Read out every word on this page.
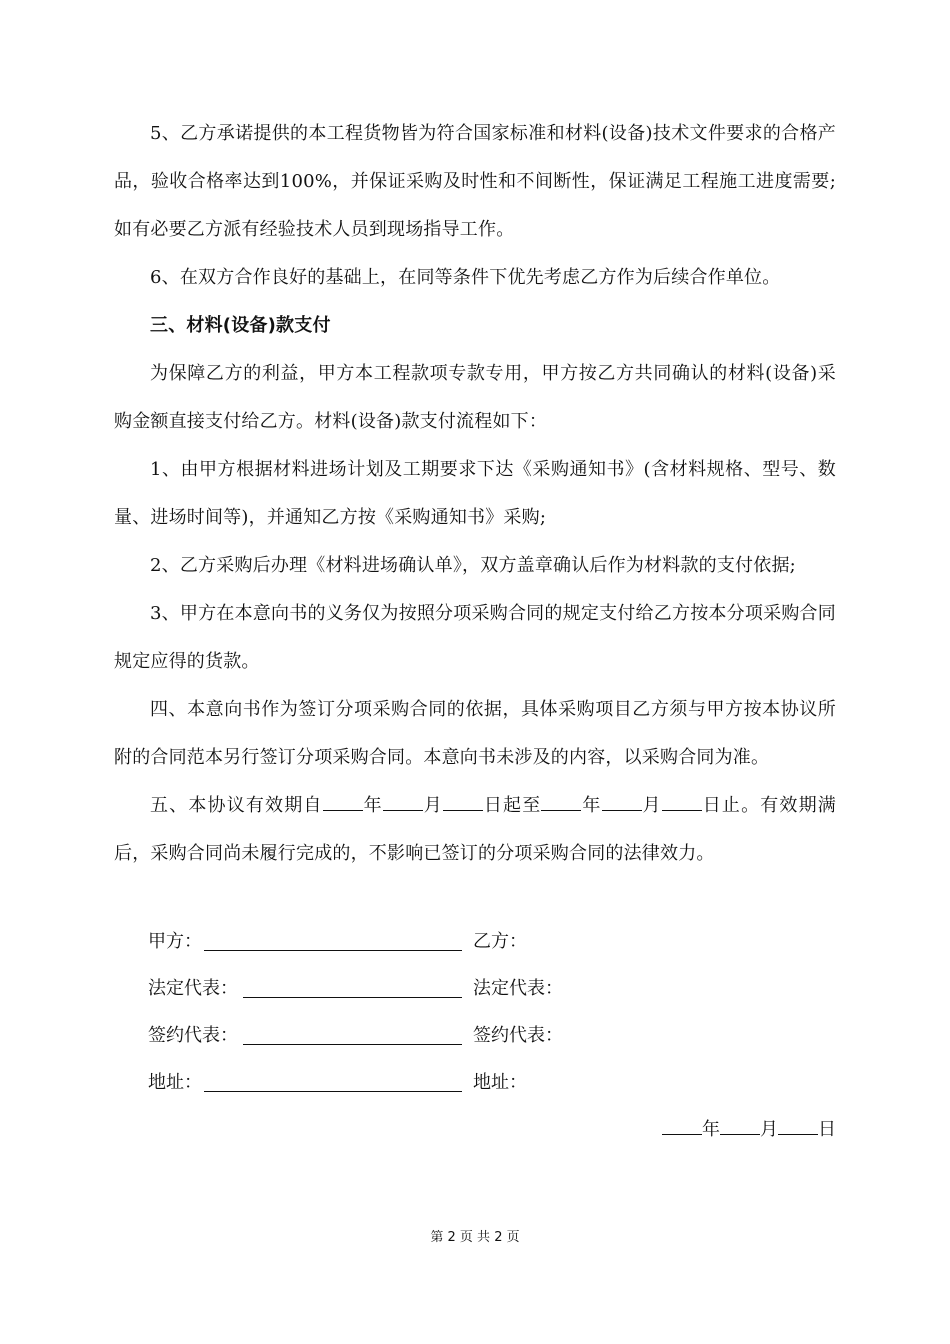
5、乙方承诺提供的本工程货物皆为符合国家标准和材料(设备)技术文件要求的合格产品，验收合格率达到100%，并保证采购及时性和不间断性，保证满足工程施工进度需要;如有必要乙方派有经验技术人员到现场指导工作。

6、在双方合作良好的基础上，在同等条件下优先考虑乙方作为后续合作单位。

三、材料(设备)款支付

为保障乙方的利益，甲方本工程款项专款专用，甲方按乙方共同确认的材料(设备)采购金额直接支付给乙方。材料(设备)款支付流程如下：

1、由甲方根据材料进场计划及工期要求下达《采购通知书》(含材料规格、型号、数量、进场时间等)，并通知乙方按《采购通知书》采购;

2、乙方采购后办理《材料进场确认单》，双方盖章确认后作为材料款的支付依据;

3、甲方在本意向书的义务仅为按照分项采购合同的规定支付给乙方按本分项采购合同规定应得的货款。

四、本意向书作为签订分项采购合同的依据，具体采购项目乙方须与甲方按本协议所附的合同范本另行签订分项采购合同。本意向书未涉及的内容，以采购合同为准。

五、本协议有效期自 年 月 日起至 年 月 日止。有效期满后，采购合同尚未履行完成的，不影响已签订的分项采购合同的法律效力。

甲方：	乙方：
法定代表：	法定代表：
签约代表：	签约代表：
地址：	地址：
年 月 日
第 2 页 共 2 页
